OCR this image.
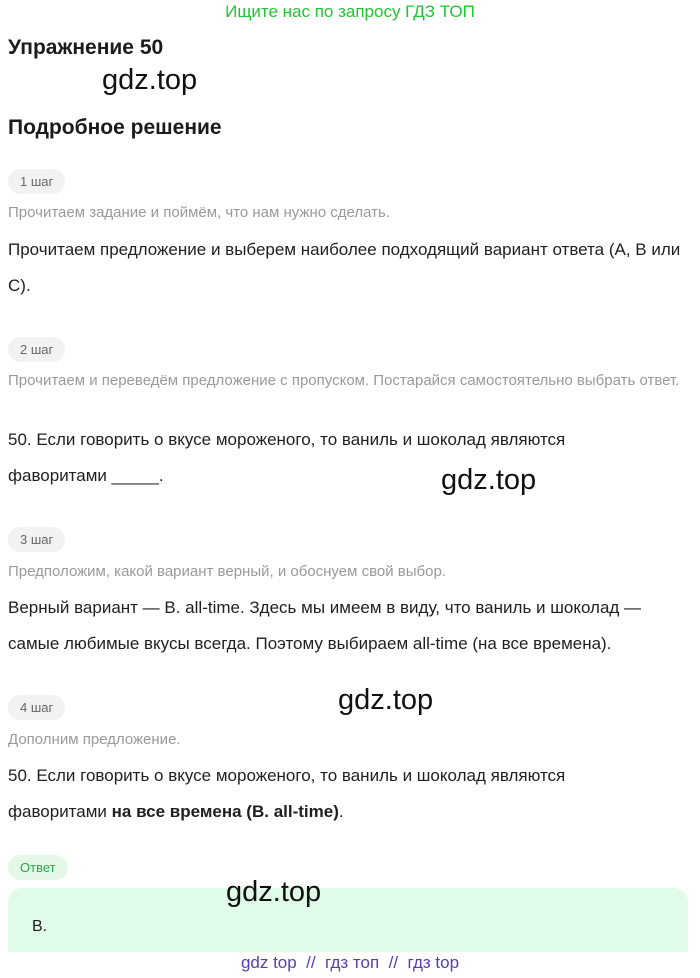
Ищите нас по запросу ГДЗ ТОП
Упражнение 50
gdz.top
Подробное решение
1 шаг
Прочитаем задание и поймём, что нам нужно сделать.
Прочитаем предложение и выберем наиболее подходящий вариант ответа (A, B или C).
2 шаг
Прочитаем и переведём предложение с пропуском. Постарайся самостоятельно выбрать ответ.
50. Если говорить о вкусе мороженого, то ваниль и шоколад являются фаворитами _____.	gdz.top
3 шаг
Предположим, какой вариант верный, и обоснуем свой выбор.
Верный вариант — B. all-time. Здесь мы имеем в виду, что ваниль и шоколад — самые любимые вкусы всегда. Поэтому выбираем all-time (на все времена).
gdz.top
4 шаг
Дополним предложение.
50. Если говорить о вкусе мороженого, то ваниль и шоколад являются фаворитами на все времена (B. all-time).
Ответ
gdz.top
B.
gdz top  //  гдз топ  //  гдз top
